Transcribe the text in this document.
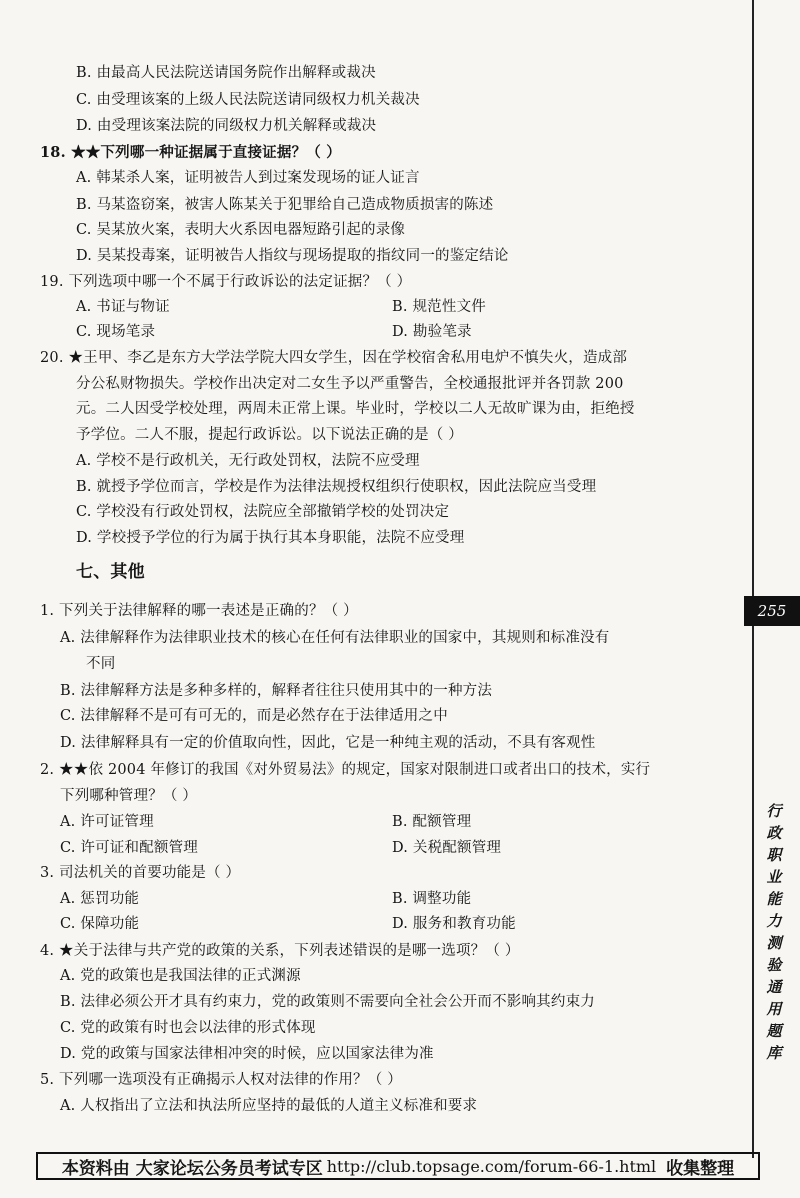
B. 由最高人民法院送请国务院作出解释或裁决
C. 由受理该案的上级人民法院送请同级权力机关裁决
D. 由受理该案法院的同级权力机关解释或裁决
18. ★★下列哪一种证据属于直接证据？（ ）
A. 韩某杀人案，证明被告人到过案发现场的证人证言
B. 马某盗窃案，被害人陈某关于犯罪给自己造成物质损害的陈述
C. 吴某放火案，表明大火系因电器短路引起的录像
D. 吴某投毒案，证明被告人指纹与现场提取的指纹同一的鉴定结论
19. 下列选项中哪一个不属于行政诉讼的法定证据？（ ）
A. 书证与物证	B. 规范性文件
C. 现场笔录	D. 勘验笔录
20. ★王甲、李乙是东方大学法学院大四女学生，因在学校宿舍私用电炉不慎失火，造成部
分公私财物损失。学校作出决定对二女生予以严重警告，全校通报批评并各罚款 200
元。二人因受学校处理，两周未正常上课。毕业时，学校以二人无故旷课为由，拒绝授
予学位。二人不服，提起行政诉讼。以下说法正确的是（ ）
A. 学校不是行政机关，无行政处罚权，法院不应受理
B. 就授予学位而言，学校是作为法律法规授权组织行使职权，因此法院应当受理
C. 学校没有行政处罚权，法院应全部撤销学校的处罚决定
D. 学校授予学位的行为属于执行其本身职能，法院不应受理
七、其他
1. 下列关于法律解释的哪一表述是正确的？（ ）
A. 法律解释作为法律职业技术的核心在任何有法律职业的国家中，其规则和标准没有
不同
B. 法律解释方法是多种多样的，解释者往往只使用其中的一种方法
C. 法律解释不是可有可无的，而是必然存在于法律适用之中
D. 法律解释具有一定的价值取向性，因此，它是一种纯主观的活动，不具有客观性
2. ★★依 2004 年修订的我国《对外贸易法》的规定，国家对限制进口或者出口的技术，实行
下列哪种管理？（ ）
A. 许可证管理	B. 配额管理
C. 许可证和配额管理	D. 关税配额管理
3. 司法机关的首要功能是（ ）
A. 惩罚功能	B. 调整功能
C. 保障功能	D. 服务和教育功能
4. ★关于法律与共产党的政策的关系，下列表述错误的是哪一选项？（ ）
A. 党的政策也是我国法律的正式渊源
B. 法律必须公开才具有约束力，党的政策则不需要向全社会公开而不影响其约束力
C. 党的政策有时也会以法律的形式体现
D. 党的政策与国家法律相冲突的时候，应以国家法律为准
5. 下列哪一选项没有正确揭示人权对法律的作用？（ ）
A. 人权指出了立法和执法所应坚持的最低的人道主义标准和要求
255
行
政
职
业
能
力
测
验
通
用
题
库
本资料由 大家论坛公务员考试专区 http://club.topsage.com/forum-66-1.html 收集整理
